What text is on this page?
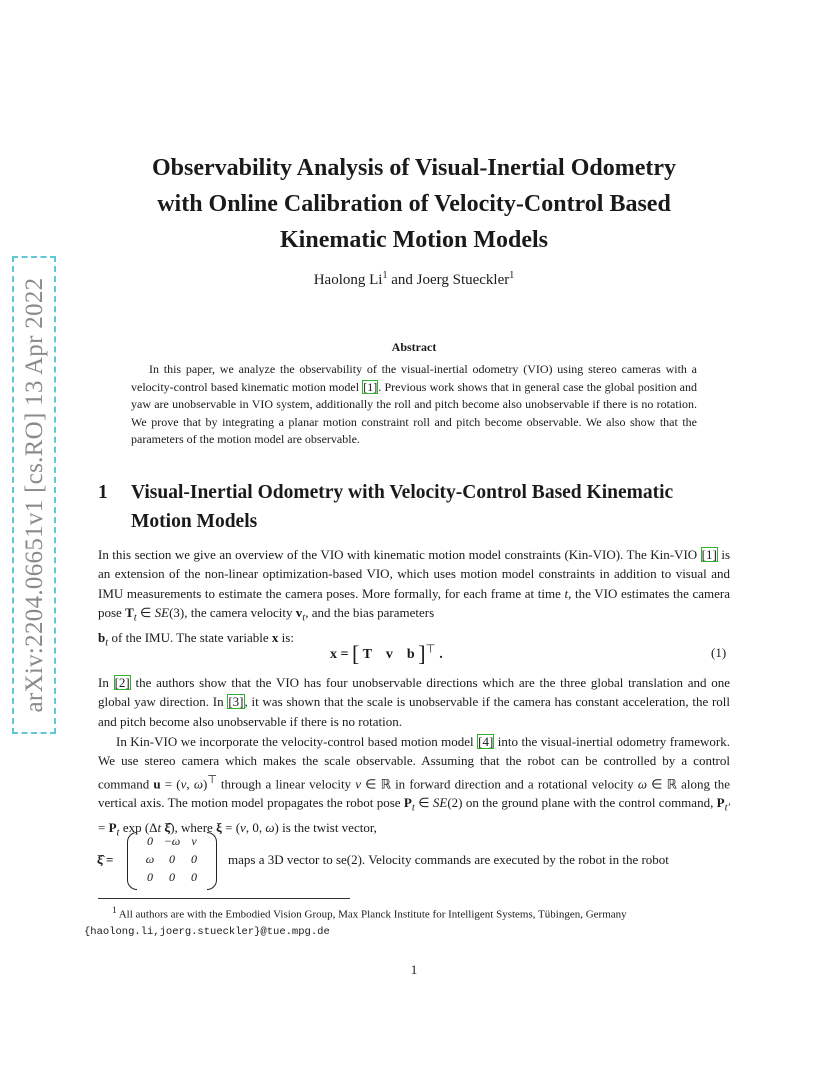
arXiv:2204.06651v1 [cs.RO] 13 Apr 2022
Observability Analysis of Visual-Inertial Odometry
with Online Calibration of Velocity-Control Based
Kinematic Motion Models
Haolong Li$^1$ and Joerg Stueckler$^1$
Abstract
In this paper, we analyze the observability of the visual-inertial odometry (VIO) using stereo cameras with a velocity-control based kinematic motion model [1]. Previous work shows that in general case the global position and yaw are unobservable in VIO system, additionally the roll and pitch become also unobservable if there is no rotation. We prove that by integrating a planar motion constraint roll and pitch become observable. We also show that the parameters of the motion model are observable.
1 Visual-Inertial Odometry with Velocity-Control Based Kinematic Motion Models
In this section we give an overview of the VIO with kinematic motion model constraints (Kin-VIO). The Kin-VIO [1] is an extension of the non-linear optimization-based VIO, which uses motion model constraints in addition to visual and IMU measurements to estimate the camera poses. More formally, for each frame at time t, the VIO estimates the camera pose $T_t$ ∈ SE(3), the camera velocity $v_t$, and the bias parameters
$b_t$ of the IMU. The state variable x is:
x = [ T v b ]⊤ .	(1)
In [2] the authors show that the VIO has four unobservable directions which are the three global translation and one global yaw direction. In [3], it was shown that the scale is unobservable if the camera has constant acceleration, the roll and pitch become also unobservable if there is no rotation.
In Kin-VIO we incorporate the velocity-control based motion model [4] into the visual-inertial odometry framework. We use stereo camera which makes the scale observable. Assuming that the robot can be controlled by a control command u = (v, ω)⊤ through a linear velocity v ∈ ℝ in forward direction and a rotational velocity ω ∈ ℝ along the vertical axis. The motion model propagates the robot pose $P_t$ ∈ SE(2) on the ground plane with the control command, $P_{t'} = P_t$ exp (Δt ξ̂), where ξ = (v, 0, ω) is the twist vector,
ξ̂ =
0 −ω v
ω	0	0
0	0	0
maps a 3D vector to se(2). Velocity commands are executed by the robot in the robot
$^1$ All authors are with the Embodied Vision Group, Max Planck Institute for Intelligent Systems, Tübingen, Germany
{haolong.li,joerg.stueckler}@tue.mpg.de
1
